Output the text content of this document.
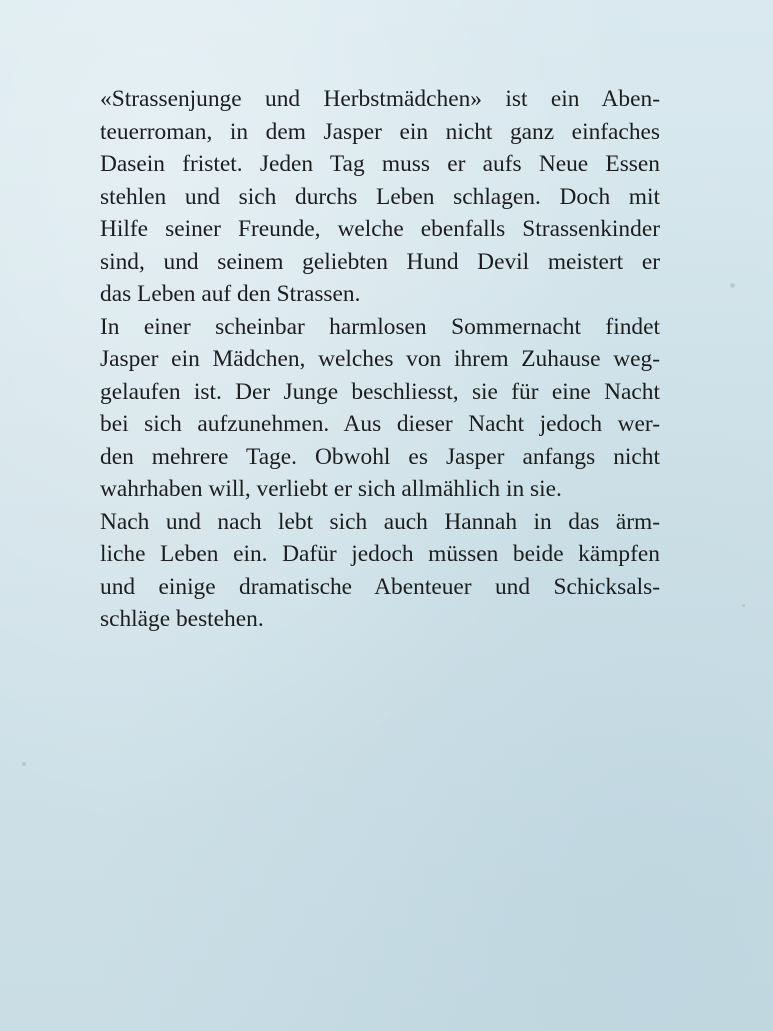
«Strassenjunge und Herbstmädchen» ist ein Aben-
teuerroman, in dem Jasper ein nicht ganz einfaches
Dasein fristet. Jeden Tag muss er aufs Neue Essen
stehlen und sich durchs Leben schlagen. Doch mit
Hilfe seiner Freunde, welche ebenfalls Strassenkinder
sind, und seinem geliebten Hund Devil meistert er
das Leben auf den Strassen.
In einer scheinbar harmlosen Sommernacht findet
Jasper ein Mädchen, welches von ihrem Zuhause weg-
gelaufen ist. Der Junge beschliesst, sie für eine Nacht
bei sich aufzunehmen. Aus dieser Nacht jedoch wer-
den mehrere Tage. Obwohl es Jasper anfangs nicht
wahrhaben will, verliebt er sich allmählich in sie.
Nach und nach lebt sich auch Hannah in das ärm-
liche Leben ein. Dafür jedoch müssen beide kämpfen
und einige dramatische Abenteuer und Schicksals-
schläge bestehen.
